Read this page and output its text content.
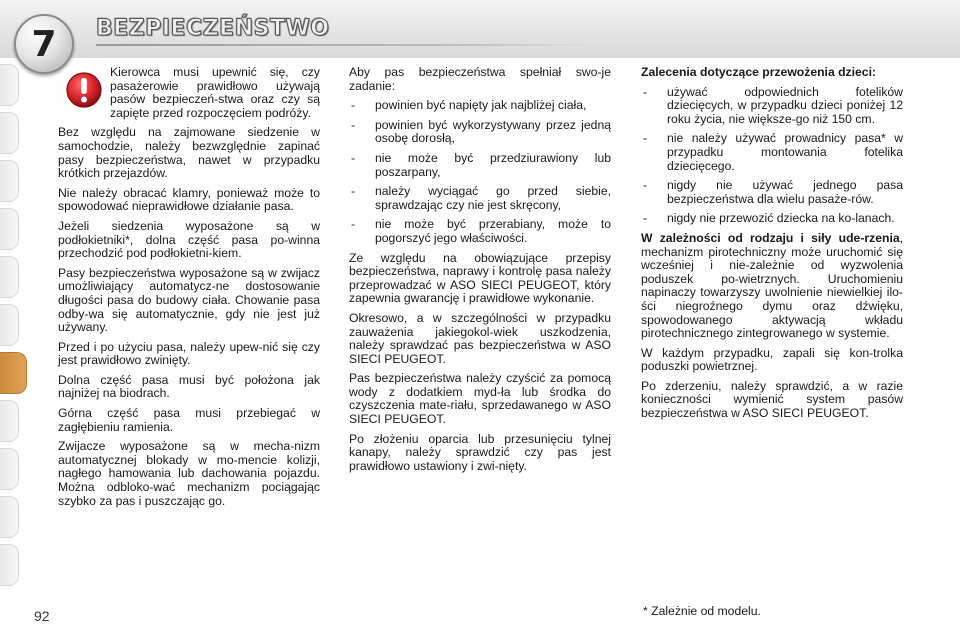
7	BEZPIECZEŃSTWO
Kierowca musi upewnić się, czy pasażerowie prawidłowo używają pasów bezpieczeń-stwa oraz czy są zapięte przed rozpoczęciem podróży.

Bez względu na zajmowane siedzenie w samochodzie, należy bezwzględnie zapinać pasy bezpieczeństwa, nawet w przypadku krótkich przejazdów.

Nie należy obracać klamry, ponieważ może to spowodować nieprawidłowe działanie pasa.

Jeżeli siedzenia wyposażone są w podłokietniki*, dolna część pasa po-winna przechodzić pod podłokietni-kiem.

Pasy bezpieczeństwa wyposażone są w zwijacz umożliwiający automatycz-ne dostosowanie długości pasa do budowy ciała. Chowanie pasa odby-wa się automatycznie, gdy nie jest już używany.

Przed i po użyciu pasa, należy upew-nić się czy jest prawidłowo zwinięty.

Dolna część pasa musi być położona jak najniżej na biodrach.

Górna część pasa musi przebiegać w zagłębieniu ramienia.

Zwijacze wyposażone są w mecha-nizm automatycznej blokady w mo-mencie kolizji, nagłego hamowania lub dachowania pojazdu. Można odbloko-wać mechanizm pociągając szybko za pas i puszczając go.

Aby pas bezpieczeństwa spełniał swo-je zadanie:

- powinien być napięty jak najbliżej ciała,
- powinien być wykorzystywany przez jedną osobę dorosłą,
- nie może być przedziurawiony lub poszarpany,
- należy wyciągać go przed siebie, sprawdzając czy nie jest skręcony,
- nie może być przerabiany, może to pogorszyć jego właściwości.

Ze względu na obowiązujące przepisy bezpieczeństwa, naprawy i kontrolę pasa należy przeprowadzać w ASO SIECI PEUGEOT, który zapewnia gwarancję i prawidłowe wykonanie.

Okresowo, a w szczególności w przypadku zauważenia jakiegokol-wiek uszkodzenia, należy sprawdzać pas bezpieczeństwa w ASO SIECI PEUGEOT.

Pas bezpieczeństwa należy czyścić za pomocą wody z dodatkiem myd-ła lub środka do czyszczenia mate-riału, sprzedawanego w ASO SIECI PEUGEOT.

Po złożeniu oparcia lub przesunięciu tylnej kanapy, należy sprawdzić czy pas jest prawidłowo ustawiony i zwi-nięty.

Zalecenia dotyczące przewożenia dzieci:

- używać odpowiednich fotelików dziecięcych, w przypadku dzieci poniżej 12 roku życia, nie większe-go niż 150 cm.
- nie należy używać prowadnicy pasa* w przypadku montowania fotelika dziecięcego.
- nigdy nie używać jednego pasa bezpieczeństwa dla wielu pasaże-rów.
- nigdy nie przewozić dziecka na ko-lanach.

W zależności od rodzaju i siły ude-rzenia, mechanizm pirotechniczny może uruchomić się wcześniej i nie-zależnie od wyzwolenia poduszek po-wietrznych. Uruchomieniu napinaczy towarzyszy uwolnienie niewielkiej ilo-ści niegroźnego dymu oraz dźwięku, spowodowanego aktywacją wkładu pirotechnicznego zintegrowanego w systemie.

W każdym przypadku, zapali się kon-trolka poduszki powietrznej.

Po zderzeniu, należy sprawdzić, a w razie konieczności wymienić system pasów bezpieczeństwa w ASO SIECI PEUGEOT.

92	* Zależnie od modelu.
